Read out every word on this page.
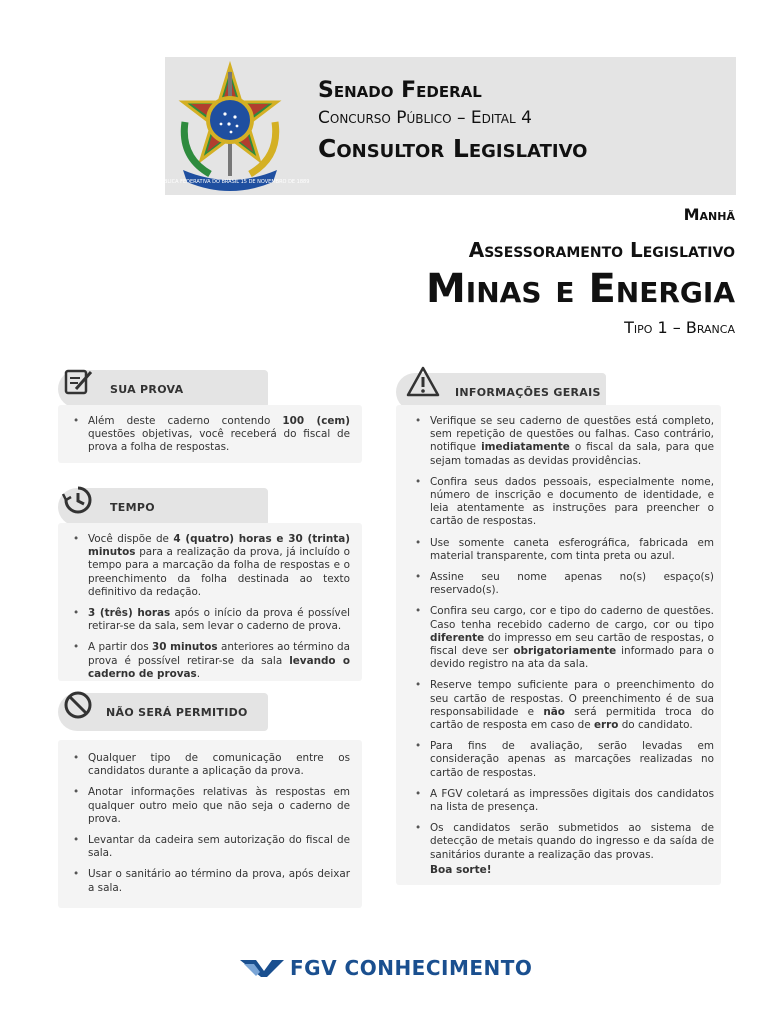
REPUBLICA FEDERATIVA DO BRASIL 15 DE NOVEMBRO DE 1889
Senado Federal
Concurso Público – Edital 4
Consultor Legislativo
Manhã
Assessoramento Legislativo
Minas e Energia
Tipo 1 – Branca
SUA PROVA
• Além deste caderno contendo 100 (cem) questões objetivas, você receberá do fiscal de prova a folha de respostas.
TEMPO
• Você dispõe de 4 (quatro) horas e 30 (trinta) minutos para a realização da prova, já incluído o tempo para a marcação da folha de respostas e o preenchimento da folha destinada ao texto definitivo da redação.
• 3 (três) horas após o início da prova é possível retirar-se da sala, sem levar o caderno de prova.
• A partir dos 30 minutos anteriores ao término da prova é possível retirar-se da sala levando o caderno de provas.
NÃO SERÁ PERMITIDO
• Qualquer tipo de comunicação entre os candidatos durante a aplicação da prova.
• Anotar informações relativas às respostas em qualquer outro meio que não seja o caderno de prova.
• Levantar da cadeira sem autorização do fiscal de sala.
• Usar o sanitário ao término da prova, após deixar a sala.
INFORMAÇÕES GERAIS
• Verifique se seu caderno de questões está completo, sem repetição de questões ou falhas. Caso contrário, notifique imediatamente o fiscal da sala, para que sejam tomadas as devidas providências.
• Confira seus dados pessoais, especialmente nome, número de inscrição e documento de identidade, e leia atentamente as instruções para preencher o cartão de respostas.
• Use somente caneta esferográfica, fabricada em material transparente, com tinta preta ou azul.
• Assine seu nome apenas no(s) espaço(s) reservado(s).
• Confira seu cargo, cor e tipo do caderno de questões. Caso tenha recebido caderno de cargo, cor ou tipo diferente do impresso em seu cartão de respostas, o fiscal deve ser obrigatoriamente informado para o devido registro na ata da sala.
• Reserve tempo suficiente para o preenchimento do seu cartão de respostas. O preenchimento é de sua responsabilidade e não será permitida troca do cartão de resposta em caso de erro do candidato.
• Para fins de avaliação, serão levadas em consideração apenas as marcações realizadas no cartão de respostas.
• A FGV coletará as impressões digitais dos candidatos na lista de presença.
• Os candidatos serão submetidos ao sistema de detecção de metais quando do ingresso e da saída de sanitários durante a realização das provas.
Boa sorte!
FGV CONHECIMENTO
